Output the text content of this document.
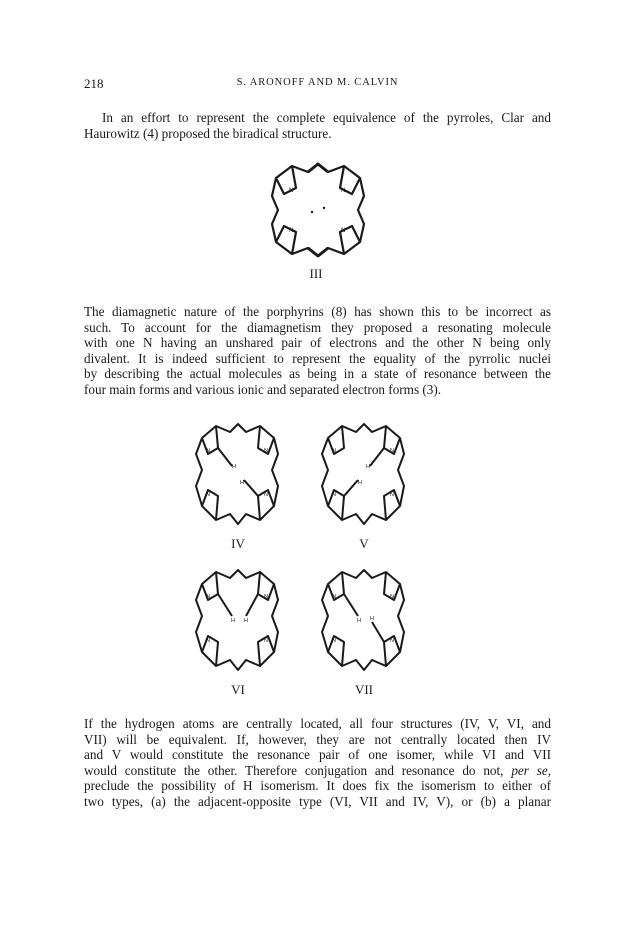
218	S. ARONOFF AND M. CALVIN
In an effort to represent the complete equivalence of the pyrroles, Clar and
Haurowitz (4) proposed the biradical structure.
N	N
N	N
III
The diamagnetic nature of the porphyrins (8) has shown this to be incorrect as
such. To account for the diamagnetism they proposed a resonating molecule
with one N having an unshared pair of electrons and the other N being only
divalent. It is indeed sufficient to represent the equality of the pyrrolic nuclei
by describing the actual molecules as being in a state of resonance between the
four main forms and various ionic and separated electron forms (3).
N	N
N	N
H
H
IV
N	N
N	N
H
H
V
N	N
N	N
H H
VI
N	N
N	N
H H
VII
If the hydrogen atoms are centrally located, all four structures (IV, V, VI, and
VII) will be equivalent. If, however, they are not centrally located then IV
and V would constitute the resonance pair of one isomer, while VI and VII
would constitute the other. Therefore conjugation and resonance do not, per se,
preclude the possibility of H isomerism. It does fix the isomerism to either of
two types, (a) the adjacent-opposite type (VI, VII and IV, V), or (b) a planar
